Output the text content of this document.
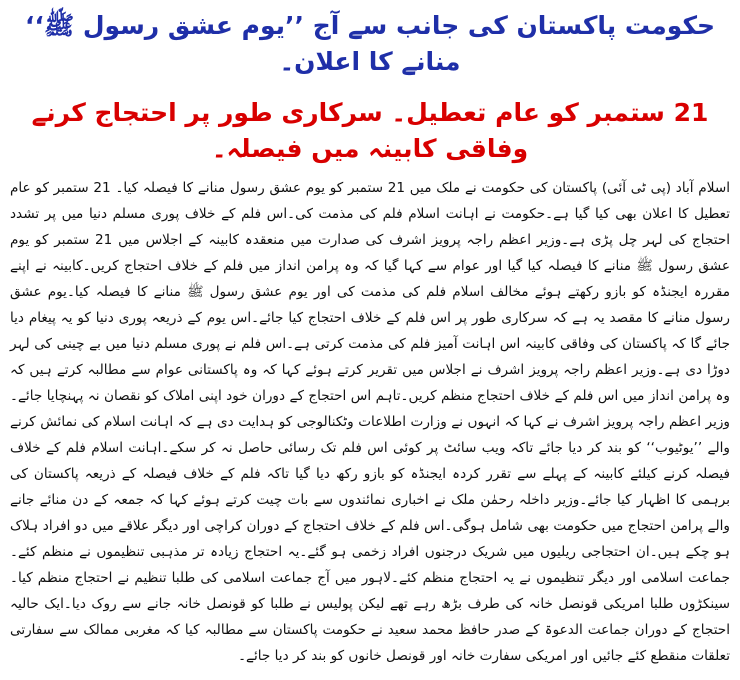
حکومت پاکستان کی جانب سے آج ’’یوم عشق رسول ﷺ‘‘ منانے کا اعلان۔
21 ستمبر کو عام تعطیل۔ سرکاری طور پر احتجاج کرنے وفاقی کابینہ میں فیصلہ۔

اسلام آباد (پی ٹی آئی) پاکستان کی حکومت نے ملک میں 21 ستمبر کو یوم عشق رسول منانے کا فیصلہ کیا۔ 21 ستمبر کو عام تعطیل کا اعلان بھی کیا گیا ہے۔حکومت نے اہانت اسلام فلم کی مذمت کی۔اس فلم کے خلاف پوری مسلم دنیا میں پر تشدد احتجاج کی لہر چل پڑی ہے۔وزیر اعظم راجہ پرویز اشرف کی صدارت میں منعقدہ کابینہ کے اجلاس میں 21 ستمبر کو یوم عشق رسول ﷺ منانے کا فیصلہ کیا گیا اور عوام سے کہا گیا کہ وہ پرامن انداز میں فلم کے خلاف احتجاج کریں۔کابینہ نے اپنے مقررہ ایجنڈہ کو بازو رکھتے ہوئے مخالف اسلام فلم کی مذمت کی اور یوم عشق رسول ﷺ منانے کا فیصلہ کیا۔یوم عشق رسول منانے کا مقصد یہ ہے کہ سرکاری طور پر اس فلم کے خلاف احتجاج کیا جائے۔اس یوم کے ذریعہ پوری دنیا کو یہ پیغام دیا جائے گا کہ پاکستان کی وفاقی کابینہ اس اہانت آمیز فلم کی مذمت کرتی ہے۔اس فلم نے پوری مسلم دنیا میں بے چینی کی لہر دوڑا دی ہے۔وزیر اعظم راجہ پرویز اشرف نے اجلاس میں تقریر کرتے ہوئے کہا کہ وہ پاکستانی عوام سے مطالبہ کرتے ہیں کہ وہ پرامن انداز میں اس فلم کے خلاف احتجاج منظم کریں۔تاہم اس احتجاج کے دوران خود اپنی املاک کو نقصان نہ پہنچایا جائے۔وزیر اعظم راجہ پرویز اشرف نے کہا کہ انہوں نے وزارت اطلاعات وٹکنالوجی کو ہدایت دی ہے کہ اہانت اسلام کی نمائش کرنے والے ’’یوٹیوب‘‘ کو بند کر دیا جائے تاکہ ویب سائٹ پر کوئی اس فلم تک رسائی حاصل نہ کر سکے۔اہانت اسلام فلم کے خلاف فیصلہ کرنے کیلئے کابینہ کے پہلے سے تقرر کردہ ایجنڈہ کو بازو رکھ دیا گیا تاکہ فلم کے خلاف فیصلہ کے ذریعہ پاکستان کی برہمی کا اظہار کیا جائے۔وزیر داخلہ رحمٰن ملک نے اخباری نمائندوں سے بات چیت کرتے ہوئے کہا کہ جمعہ کے دن منائے جانے والے پرامن احتجاج میں حکومت بھی شامل ہوگی۔اس فلم کے خلاف احتجاج کے دوران کراچی اور دیگر علاقے میں دو افراد ہلاک ہو چکے ہیں۔ان احتجاجی ریلیوں میں شریک درجنوں افراد زخمی ہو گئے۔یہ احتجاج زیادہ تر مذہبی تنظیموں نے منظم کئے۔جماعت اسلامی اور دیگر تنظیموں نے یہ احتجاج منظم کئے۔لاہور میں آج جماعت اسلامی کی طلبا تنظیم نے احتجاج منظم کیا۔سینکڑوں طلبا امریکی قونصل خانہ کی طرف بڑھ رہے تھے لیکن پولیس نے طلبا کو قونصل خانہ جانے سے روک دیا۔ایک حالیہ احتجاج کے دوران جماعت الدعوۃ کے صدر حافظ محمد سعید نے حکومت پاکستان سے مطالبہ کیا کہ مغربی ممالک سے سفارتی تعلقات منقطع کئے جائیں اور امریکی سفارت خانہ اور قونصل خانوں کو بند کر دیا جائے۔
